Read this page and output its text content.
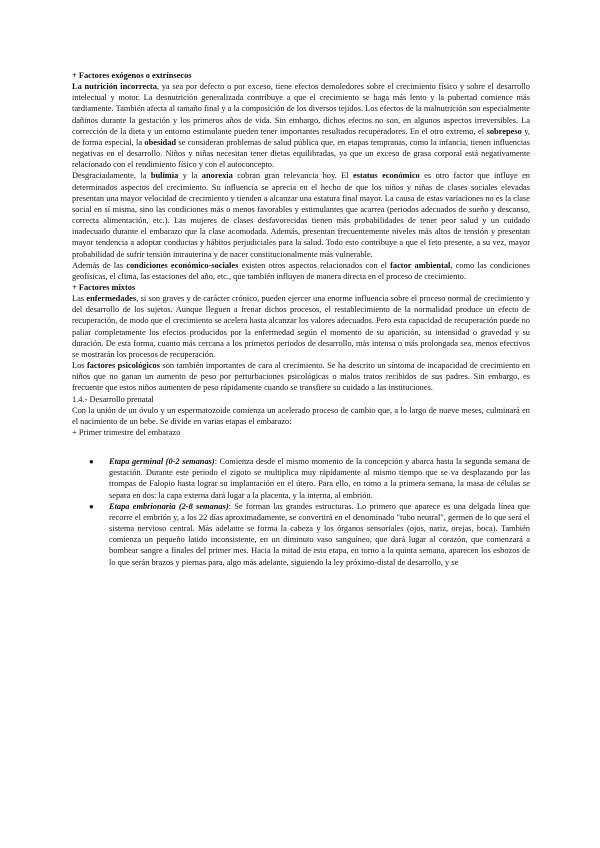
+ Factores exógenos o extrínsecos

La nutrición incorrecta, ya sea por defecto o por exceso, tiene efectos demoledores sobre el crecimiento físico y sobre el desarrollo intelectual y motor. La desnutrición generalizada contribuye a que el crecimiento se haga más lento y la pubertad comience más tardiamente. También afecta al tamaño final y a la composición de los diversos tejidos. Los efectos de la malnutrición son especialmente dañinos durante la gestación y los primeros años de vida. Sin embargo, dichos efectos no son, en algunos aspectos irreversibles. La corrección de la dieta y un entorno estimulante pueden tener importantes resultados recuperadores. En el otro extremo, el sobrepeso y, de forma especial, la obesidad se consideran problemas de salud pública que, en etapas tempranas, como la infancia, tienen influencias negativas en el desarrollo. Niños y niñas necesitan tener dietas equilibradas, ya que un exceso de grasa corporal está negativamente relacionado con el rendimiento físico y con el autoconcepto.

Desgraciadamente, la bulimia y la anorexia cobran gran relevancia hoy. El estatus económico es otro factor que influye en determinados aspectos del crecimiento. Su influencia se aprecia en el hecho de que los niños y niñas de clases sociales elevadas presentan una mayor velocidad de crecimiento y tienden a alcanzar una estatura final mayor. La causa de estas variaciones no es la clase social en sí misma, sino las condiciones más o menos favorables y estimulantes que acarrea (periodos adecuados de sueño y descanso, correcta alimentación, etc.). Las mujeres de clases desfavorecidas tienen más probabilidades de tener peor salud y un cuidado inadecuado durante el embarazo que la clase acomodada. Además, presentan frecuentemente niveles más altos de tensión y presentan mayor tendencia a adoptar conductas y hábitos perjudiciales para la salud. Todo esto contribuye a que el feto presente, a su vez, mayor probabilidad de sufrir tensión intrauterina y de nacer constitucionalmente más vulnerable.

Además de las condiciones económico-sociales existen otros aspectos relacionados con el factor ambiental, como las condiciones geofísicas, el clima, las estaciones del año, etc., que también influyen de manera directa en el proceso de crecimiento.

+ Factores mixtos

Las enfermedades, si son graves y de carácter crónico, pueden ejercer una enorme influencia sobre el proceso normal de crecimiento y del desarrollo de los sujetos. Aunque lleguen a frenar dichos procesos, el restablecimiento de la normalidad produce un efecto de recuperación, de modo que el crecimiento se acelera hasta alcanzar los valores adecuados. Pero esta capacidad de recuperación puede no paliar completamente los efectos producidos por la enfermedad según el momento de su aparición, su intensidad o gravedad y su duración. De esta forma, cuanto más cercana a los primeros periodos de desarrollo, más intensa o más prolongada sea, menos efectivos se mostrarán los procesos de recuperación.

Los factores psicológicos son también importantes de cara al crecimiento. Se ha descrito un síntoma de incapacidad de crecimiento en niños que no ganan un aumento de peso por perturbaciones psicológicas o malos tratos recibidos de sus padres. Sin embargo, es frecuente que estos niños aumenten de peso rápidamente cuando se transfiere su cuidado a las instituciones.

1.4.- Desarrollo prenatal

Con la unión de un óvulo y un espermatozoide comienza un acelerado proceso de cambio que, a lo largo de nueve meses, culminará en el nacimiento de un bebe. Se divide en varias etapas el embarazo:

+ Primer trimestre del embarazo

● Etapa germinal (0-2 semanas): Comienza desde el mismo momento de la concepción y abarca hasta la segunda semana de gestación. Durante este periodo el zigoto se multiplica muy rápidamente al mismo tiempo que se va desplazando por las trompas de Falopio hasta lograr su implantación en el útero. Para ello, en torno a la primera semana, la masa de células se separa en dos: la capa externa dará lugar a la placenta, y la interna, al embrión.
● Etapa embrionaria (2-8 semanas): Se forman las grandes estructuras. Lo primero que aparece es una delgada línea que recorre el embrión y, a los 22 días aproximadamente, se convertirá en el denominado "tubo neutral", germen de lo que será el sistema nervioso central. Más adelante se forma la cabeza y los órganos sensoriales (ojos, nariz, orejas, boca). También comienza un pequeño latido inconsistente, en un diminuto vaso sanguíneo, que dará lugar al corazón, que comenzará a bombear sangre a finales del primer mes. Hacia la mitad de esta etapa, en torno a la quinta semana, aparecen los esbozos de lo que serán brazos y piernas para, algo más adelante, siguiendo la ley próximo-distal de desarrollo, y se
